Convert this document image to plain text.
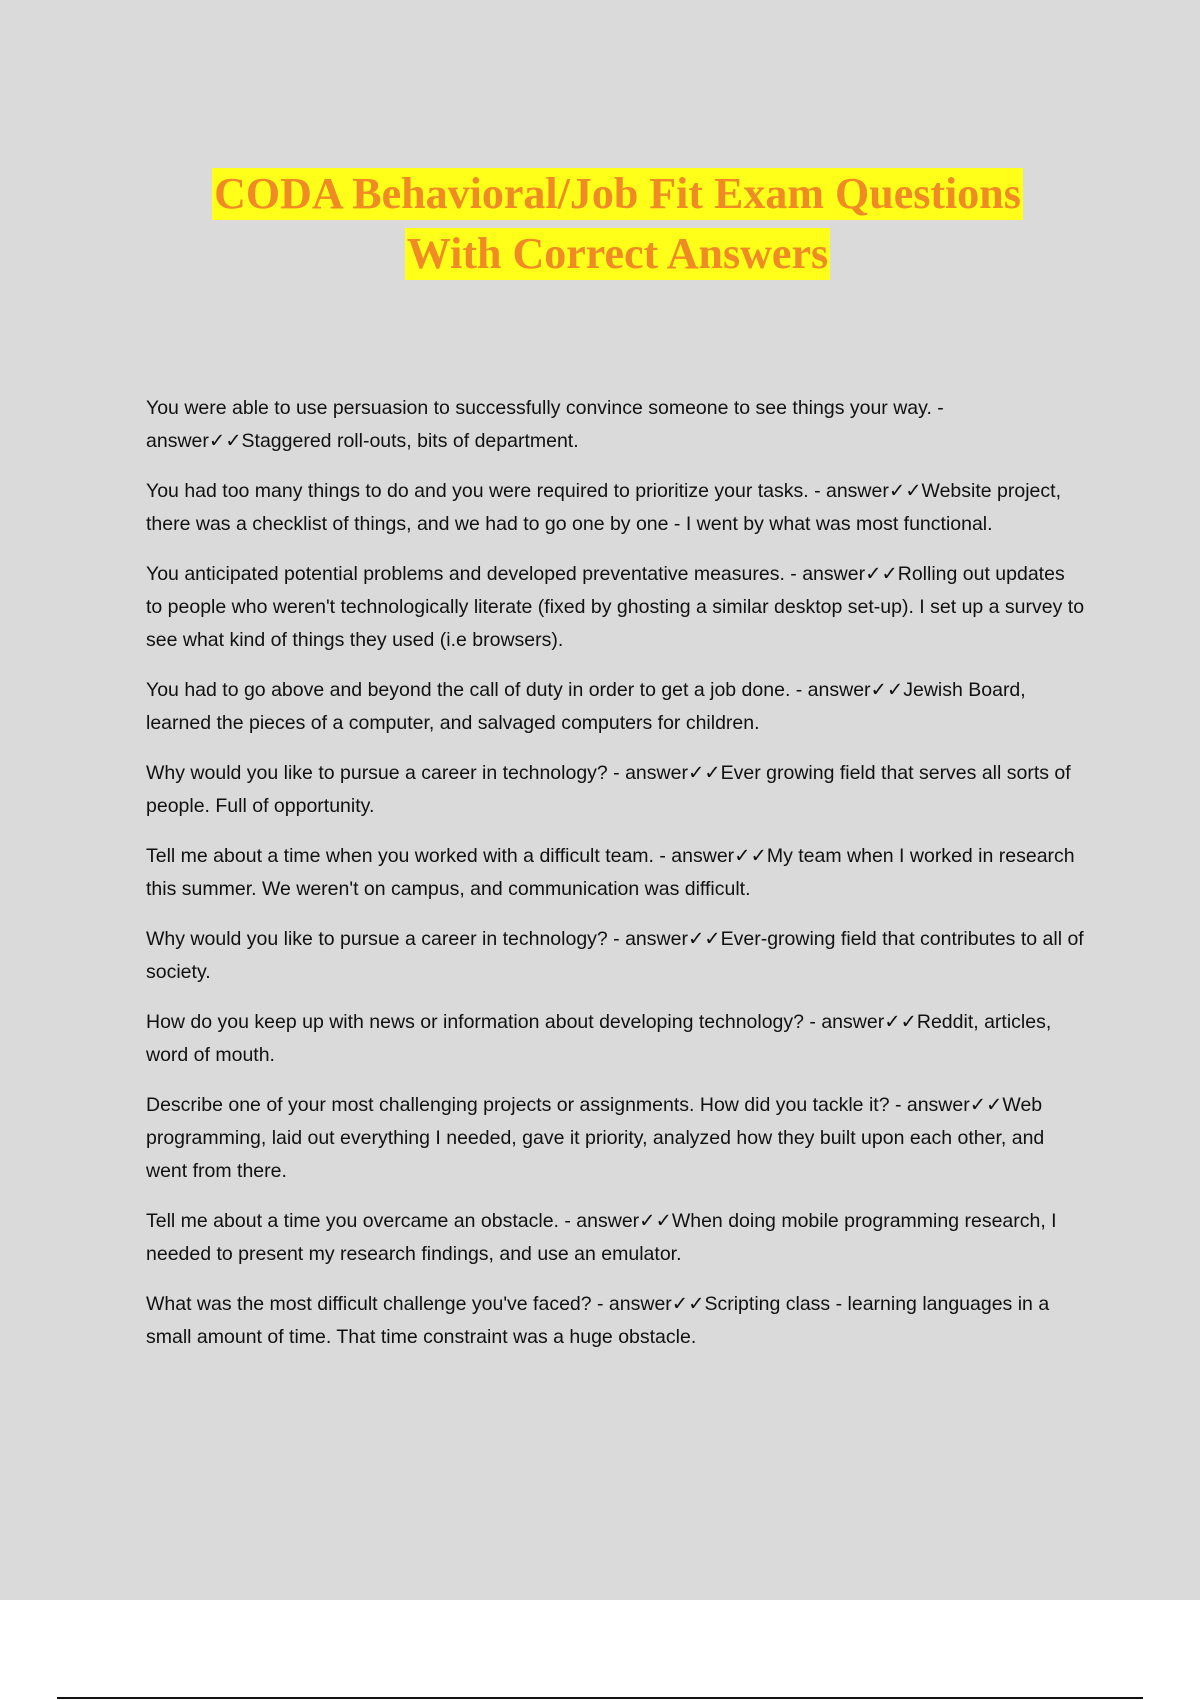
CODA Behavioral/Job Fit Exam Questions
With Correct Answers

You were able to use persuasion to successfully convince someone to see things your way. - answer✓✓Staggered roll-outs, bits of department.

You had too many things to do and you were required to prioritize your tasks. - answer✓✓Website project, there was a checklist of things, and we had to go one by one - I went by what was most functional.

You anticipated potential problems and developed preventative measures. - answer✓✓Rolling out updates to people who weren't technologically literate (fixed by ghosting a similar desktop set-up). I set up a survey to see what kind of things they used (i.e browsers).

You had to go above and beyond the call of duty in order to get a job done. - answer✓✓Jewish Board, learned the pieces of a computer, and salvaged computers for children.

Why would you like to pursue a career in technology? - answer✓✓Ever growing field that serves all sorts of people. Full of opportunity.

Tell me about a time when you worked with a difficult team. - answer✓✓My team when I worked in research this summer. We weren't on campus, and communication was difficult.

Why would you like to pursue a career in technology? - answer✓✓Ever-growing field that contributes to all of society.

How do you keep up with news or information about developing technology? - answer✓✓Reddit, articles, word of mouth.

Describe one of your most challenging projects or assignments. How did you tackle it? - answer✓✓Web programming, laid out everything I needed, gave it priority, analyzed how they built upon each other, and went from there.

Tell me about a time you overcame an obstacle. - answer✓✓When doing mobile programming research, I needed to present my research findings, and use an emulator.

What was the most difficult challenge you've faced? - answer✓✓Scripting class - learning languages in a small amount of time. That time constraint was a huge obstacle.
